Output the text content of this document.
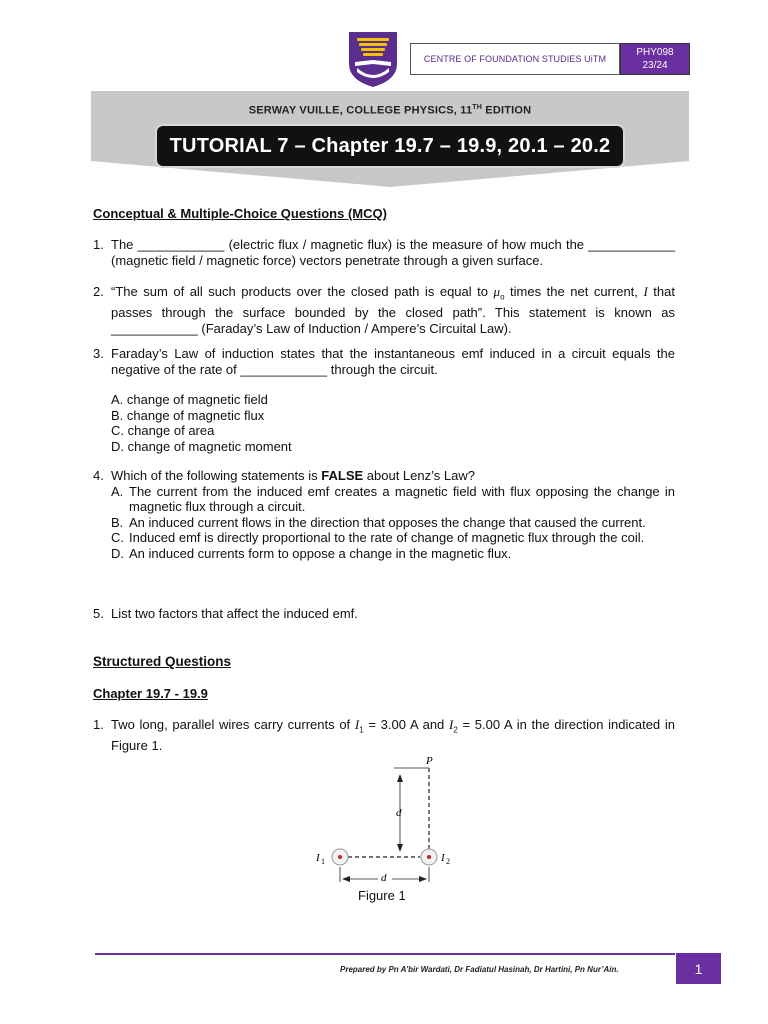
CENTRE OF FOUNDATION STUDIES UiTM
PHY098
23/24
SERWAY VUILLE, COLLEGE PHYSICS, 11TH EDITION
TUTORIAL 7 – Chapter 19.7 – 19.9, 20.1 – 20.2
Conceptual & Multiple-Choice Questions (MCQ)
1. The ____________ (electric flux / magnetic flux) is the measure of how much the ____________ (magnetic field / magnetic force) vectors penetrate through a given surface.
2. “The sum of all such products over the closed path is equal to $\mu_o$ times the net current, I that passes through the surface bounded by the closed path”. This statement is known as ____________ (Faraday’s Law of Induction / Ampere’s Circuital Law).
3. Faraday’s Law of induction states that the instantaneous emf induced in a circuit equals the negative of the rate of ____________ through the circuit.
A. change of magnetic field
B. change of magnetic flux
C. change of area
D. change of magnetic moment
4. Which of the following statements is FALSE about Lenz’s Law?
A. The current from the induced emf creates a magnetic field with flux opposing the change in magnetic flux through a circuit.
B. An induced current flows in the direction that opposes the change that caused the current.
C. Induced emf is directly proportional to the rate of change of magnetic flux through the coil.
D. An induced currents form to oppose a change in the magnetic flux.
5. List two factors that affect the induced emf.
Structured Questions
Chapter 19.7 - 19.9
1. Two long, parallel wires carry currents of $I_1 = 3.00$ A and $I_2 = 5.00$ A in the direction indicated in Figure 1.
P
d
d
I 1	I 2
Figure 1
Prepared by Pn A’bir Wardati, Dr Fadiatul Hasinah, Dr Hartini, Pn Nur’Ain.	1
